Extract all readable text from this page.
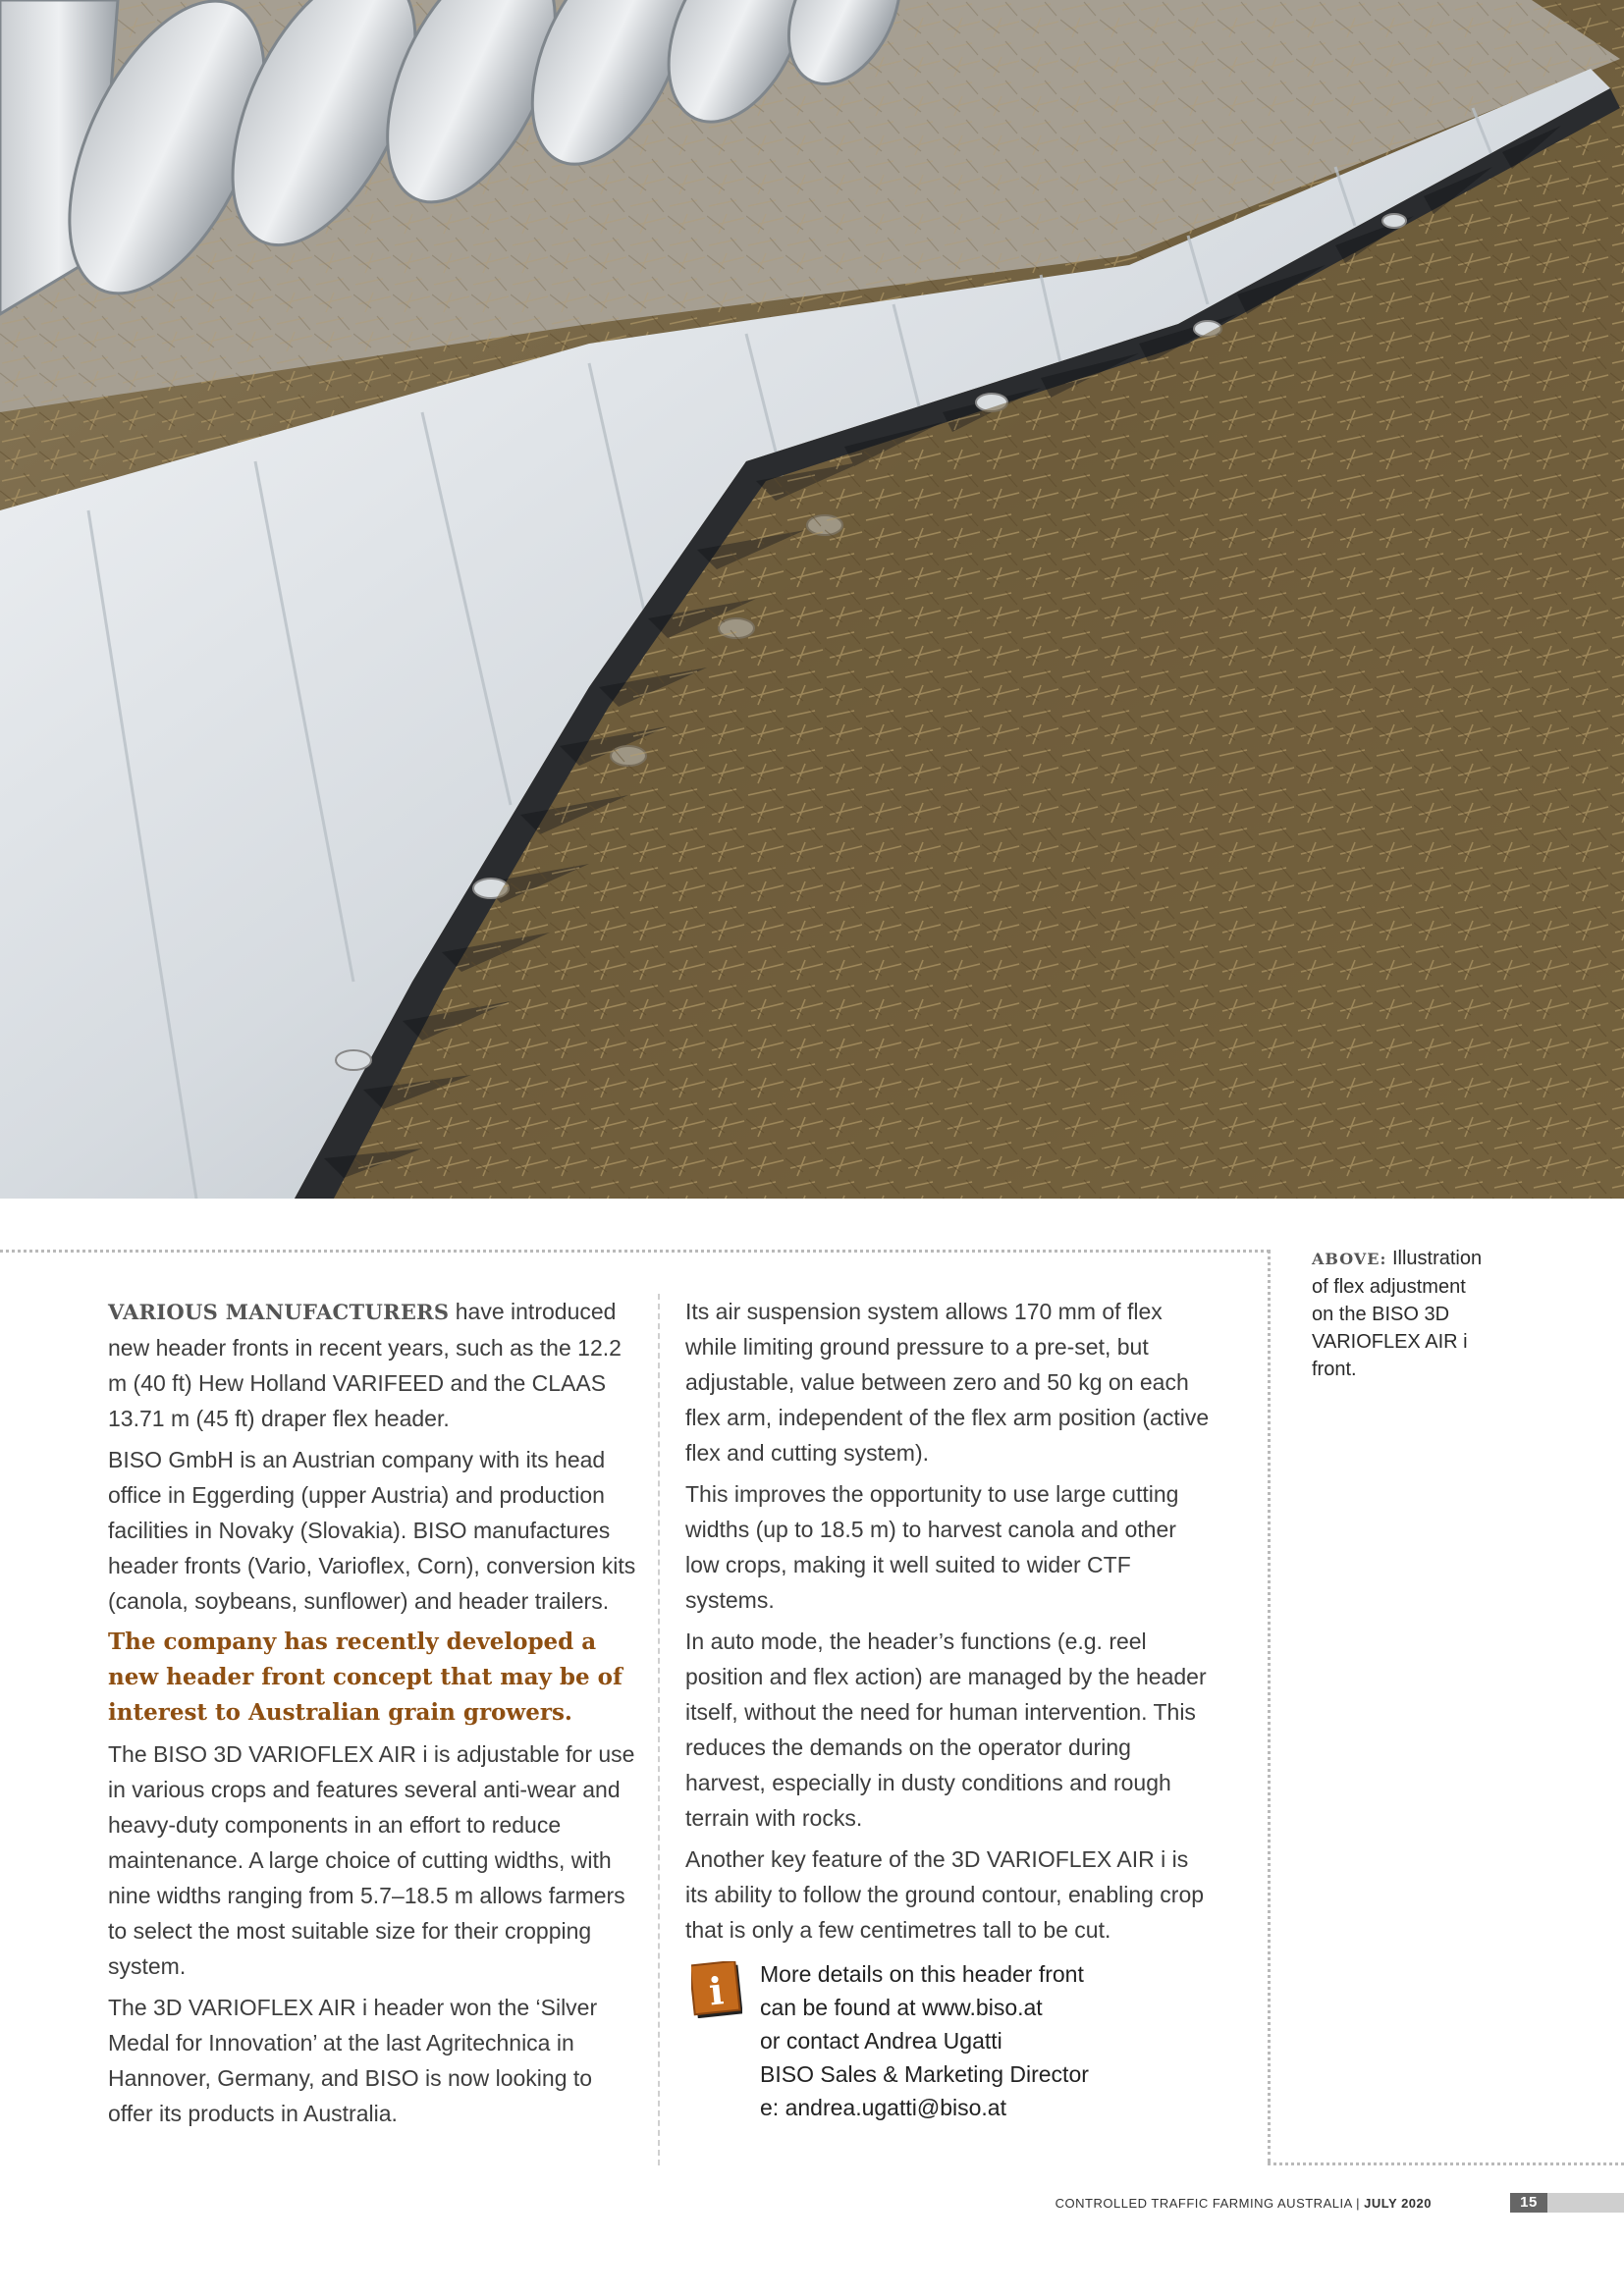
ABOVE: Illustration
of flex adjustment
on the BISO 3D
VARIOFLEX AIR i
front.

VARIOUS MANUFACTURERS have introduced new header fronts in recent years, such as the 12.2 m (40 ft) Hew Holland VARIFEED and the CLAAS 13.71 m (45 ft) draper flex header.

BISO GmbH is an Austrian company with its head office in Eggerding (upper Austria) and production facilities in Novaky (Slovakia). BISO manufactures header fronts (Vario, Varioflex, Corn), conversion kits (canola, soybeans, sunflower) and header trailers.

The company has recently developed a new header front concept that may be of interest to Australian grain growers.

The BISO 3D VARIOFLEX AIR i is adjustable for use in various crops and features several anti-wear and heavy-duty components in an effort to reduce maintenance. A large choice of cutting widths, with nine widths ranging from 5.7–18.5 m allows farmers to select the most suitable size for their cropping system.

The 3D VARIOFLEX AIR i header won the ‘Silver Medal for Innovation’ at the last Agritechnica in Hannover, Germany, and BISO is now looking to offer its products in Australia.

Its air suspension system allows 170 mm of flex while limiting ground pressure to a pre-set, but adjustable, value between zero and 50 kg on each flex arm, independent of the flex arm position (active flex and cutting system).

This improves the opportunity to use large cutting widths (up to 18.5 m) to harvest canola and other low crops, making it well suited to wider CTF systems.

In auto mode, the header’s functions (e.g. reel position and flex action) are managed by the header itself, without the need for human intervention. This reduces the demands on the operator during harvest, especially in dusty conditions and rough terrain with rocks.

Another key feature of the 3D VARIOFLEX AIR i is its ability to follow the ground contour, enabling crop that is only a few centimetres tall to be cut.

i More details on this header front
can be found at www.biso.at
or contact Andrea Ugatti
BISO Sales & Marketing Director
e: andrea.ugatti@biso.at
CONTROLLED TRAFFIC FARMING AUSTRALIA | JULY 2020	15
